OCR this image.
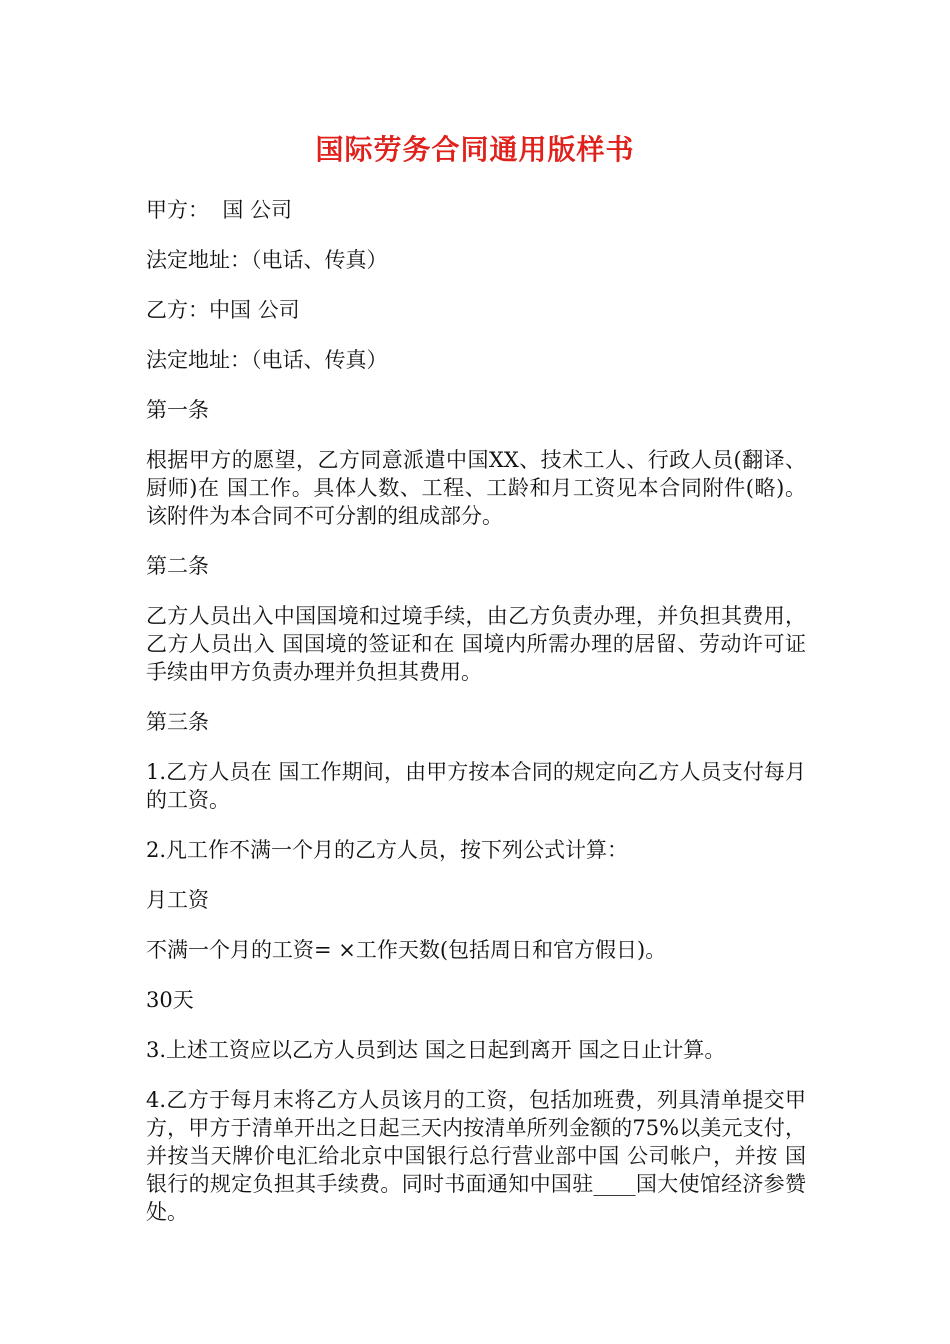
国际劳务合同通用版样书

甲方：  国 公司

法定地址：（电话、传真）

乙方：中国 公司

法定地址：（电话、传真）

第一条

根据甲方的愿望，乙方同意派遣中国XX、技术工人、行政人员(翻译、厨师)在 国工作。具体人数、工程、工龄和月工资见本合同附件(略)。该附件为本合同不可分割的组成部分。

第二条

乙方人员出入中国国境和过境手续，由乙方负责办理，并负担其费用，乙方人员出入 国国境的签证和在 国境内所需办理的居留、劳动许可证手续由甲方负责办理并负担其费用。

第三条

1.乙方人员在 国工作期间，由甲方按本合同的规定向乙方人员支付每月的工资。

2.凡工作不满一个月的乙方人员，按下列公式计算：

月工资

不满一个月的工资= ×工作天数(包括周日和官方假日)。

30天

3.上述工资应以乙方人员到达 国之日起到离开 国之日止计算。

4.乙方于每月末将乙方人员该月的工资，包括加班费，列具清单提交甲方，甲方于清单开出之日起三天内按清单所列金额的75%以美元支付，并按当天牌价电汇给北京中国银行总行营业部中国 公司帐户，并按 国 银行的规定负担其手续费。同时书面通知中国驻____国大使馆经济参赞处。
